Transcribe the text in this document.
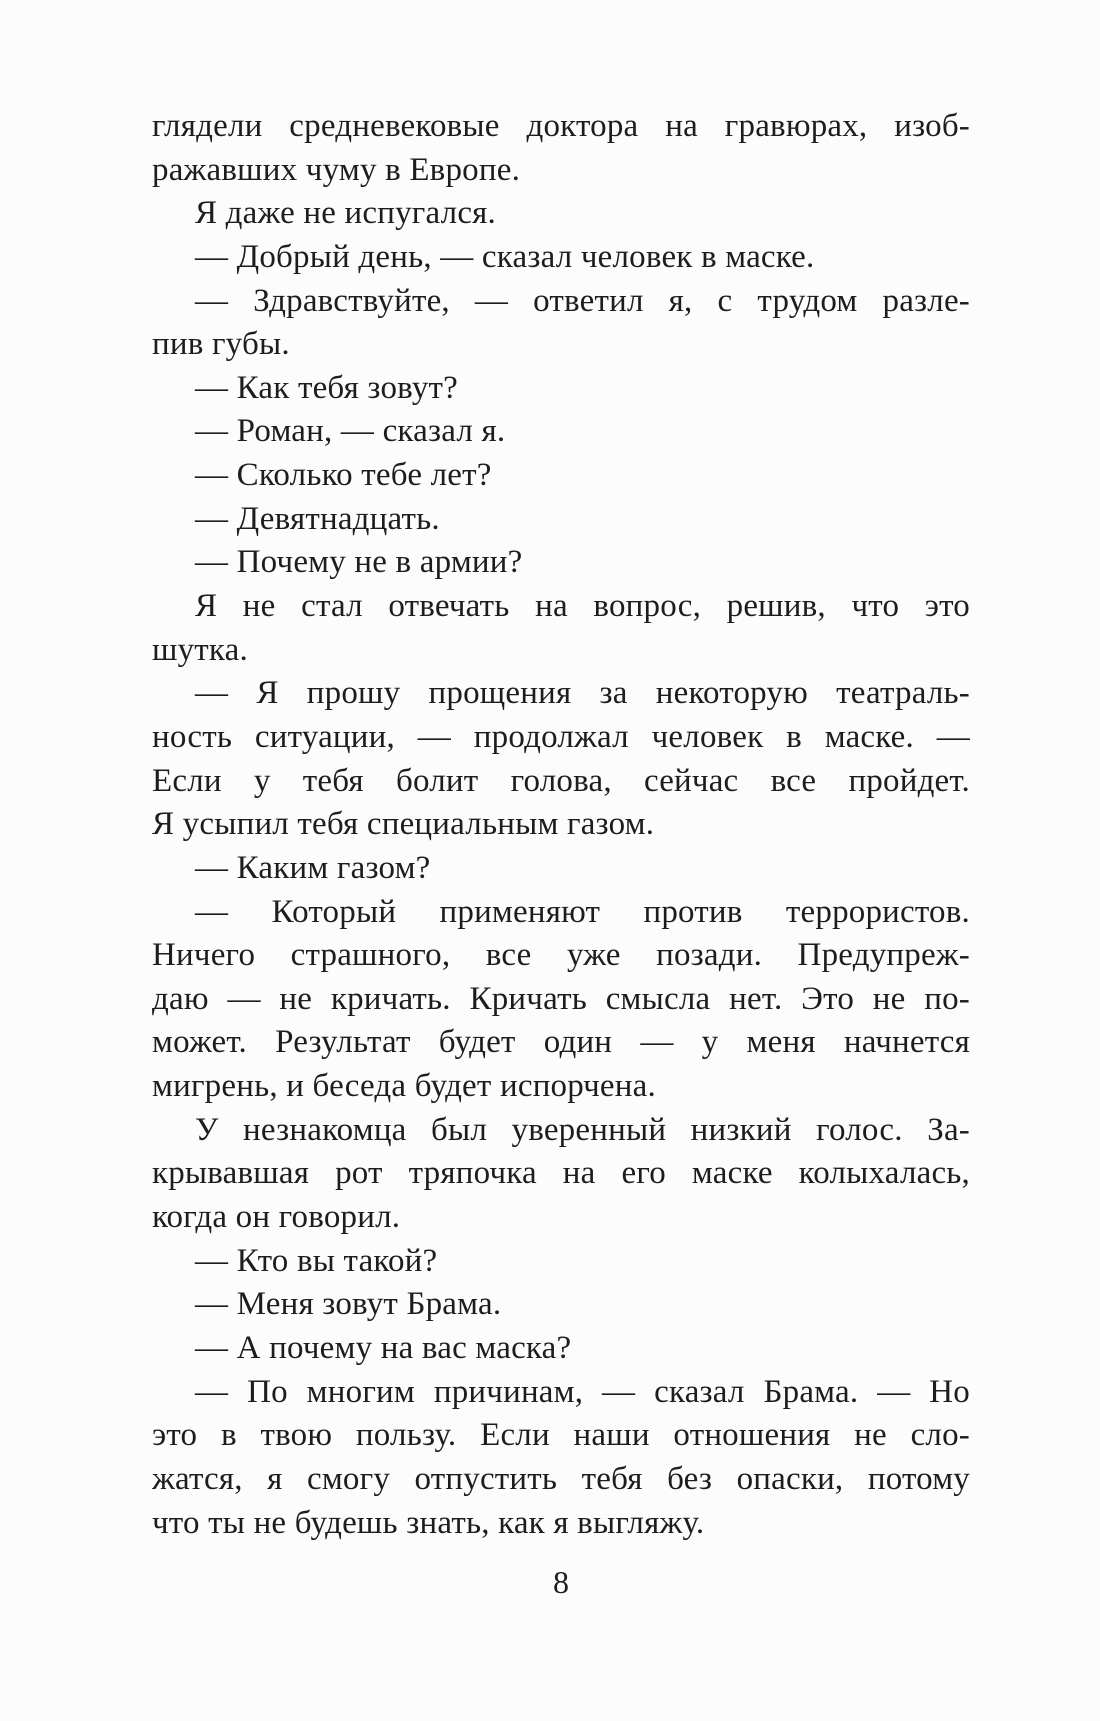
глядели средневековые доктора на гравюрах, изоб-
ражавших чуму в Европе.
Я даже не испугался.
— Добрый день, — сказал человек в маске.
— Здравствуйте, — ответил я, с трудом разле-
пив губы.
— Как тебя зовут?
— Роман, — сказал я.
— Сколько тебе лет?
— Девятнадцать.
— Почему не в армии?
Я не стал отвечать на вопрос, решив, что это
шутка.
— Я прошу прощения за некоторую театраль-
ность ситуации, — продолжал человек в маске. —
Если у тебя болит голова, сейчас все пройдет.
Я усыпил тебя специальным газом.
— Каким газом?
— Который применяют против террористов.
Ничего страшного, все уже позади. Предупреж-
даю — не кричать. Кричать смысла нет. Это не по-
может. Результат будет один — у меня начнется
мигрень, и беседа будет испорчена.
У незнакомца был уверенный низкий голос. За-
крывавшая рот тряпочка на его маске колыхалась,
когда он говорил.
— Кто вы такой?
— Меня зовут Брама.
— А почему на вас маска?
— По многим причинам, — сказал Брама. — Но
это в твою пользу. Если наши отношения не сло-
жатся, я смогу отпустить тебя без опаски, потому
что ты не будешь знать, как я выгляжу.
8
